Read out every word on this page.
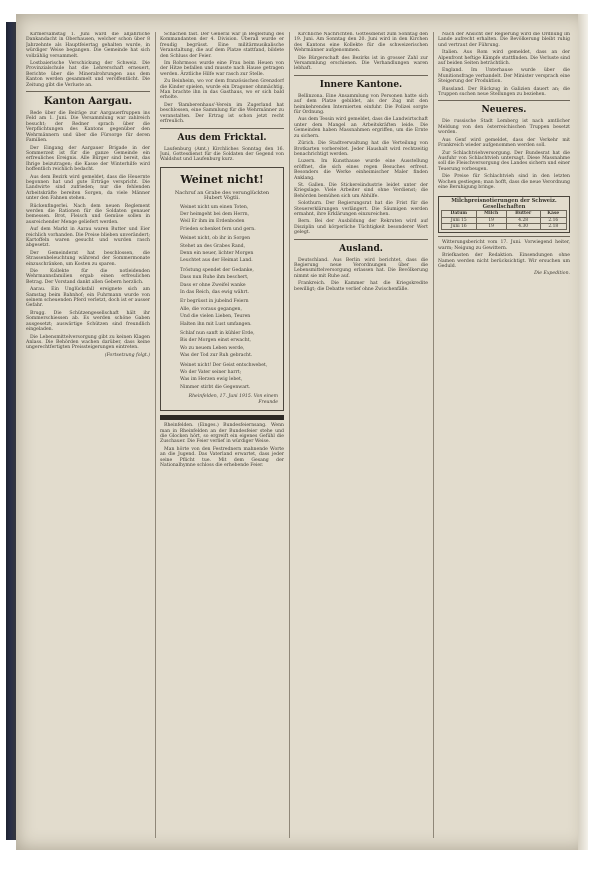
Kirmersamstag 1. Juni ward die alljährliche Dankandacht in Oberhausen, welcher schon über 8 Jahrzehnte als Hauptfeiertag gehalten wurde, in würdiger Weise begangen. Die Gemeinde hat sich vollzählig versammelt.

Lostbaierische Verschickung der Schweiz. Die Provinzialschule hat die Lehrerschaft erneuert, Berichte über die Mineralrohrungen aus dem Kanton werden gesammelt und veröffentlicht. Die Zeitung gibt die Verluste an.

Kanton Aargau.

Rede über die Beiräge zur Aargauerfruppen ins Feld am 1. Juni. Die Versammlung war zahlreich besucht; der Redner sprach über die Verpflichtungen des Kantons gegenüber den Wehrmännern und über die Fürsorge für deren Familien.

Der Eingang der Aargauer Brigade in der Sommerzeit ist für die ganze Gemeinde ein erfreuliches Ereignis. Alle Bürger sind bereit, das Ihrige beizutragen; die Kasse der Winterhilfe wird hoffentlich reichlich bedacht.

Aus dem Bezirk wird gemeldet, dass die Heuernte begonnen hat und gute Erträge verspricht. Die Landwirte sind zufrieden; nur die fehlenden Arbeitskräfte bereiten Sorgen, da viele Männer unter den Fahnen stehen.

Rückenfingerlei. Nach dem neuen Reglement werden die Rationen für die Soldaten genauer bemessen. Brot, Fleisch und Gemüse sollen in ausreichender Menge geliefert werden.

Auf dem Markt in Aarau waren Butter und Eier reichlich vorhanden. Die Preise blieben unverändert; Kartoffeln waren gesucht und wurden rasch abgesetzt.

Der Gemeinderat hat beschlossen, die Strassenbeleuchtung während der Sommermonate einzuschränken, um Kosten zu sparen.

Die Kollekte für die notleidenden Wehrmannsfamilien ergab einen erfreulichen Betrag. Der Vorstand dankt allen Gebern herzlich.

Aarau. Ein Unglücksfall ereignete sich am Samstag beim Bahnhof; ein Fuhrmann wurde von seinem scheuenden Pferd verletzt, doch ist er ausser Gefahr.

Brugg. Die Schützengesellschaft hält ihr Sommerschiessen ab. Es werden schöne Gaben ausgesetzt; auswärtige Schützen sind freundlich eingeladen.

Die Lebensmittelversorgung gibt zu keinen Klagen Anlass. Die Behörden wachen darüber, dass keine ungerechtfertigten Preissteigerungen eintreten.

(Fortsetzung folgt.)

Schachen fast. Der General war in Begleitung des Kommandanten der 4. Division. Überall wurde er freudig begrüsst. Eine militärmusikalische Veranstaltung, die auf dem Platze stattfand, bildete den Schluss der Feier.

Im Rohrmoos wurde eine Frau beim Heuen von der Hitze befallen und musste nach Hause getragen werden. Ärztliche Hilfe war rasch zur Stelle.

Zu Beinheim, wo vor dem französischen Grenzdorf die Kinder spielen, wurde ein Dragoner ohnmächtig. Man brachte ihn in das Gasthaus, wo er sich bald erholte.

Der 'Bamberenhaus'-Verein im Zugerland hat beschlossen, eine Sammlung für die Wehrmänner zu veranstalten. Der Ertrag ist schon jetzt recht erfreulich.

Aus dem Fricktal.

Laufenburg (Amt.) Kirchliches Sonntag den 16. Juni, Gottesdienst für die Soldaten der Gegend von Waldshut und Laufenburg kurz.

Weinet nicht!
Nachruf an Grabe des verunglückten Hubert Vögtli.

Weinet nicht um einen Toten,

Der heimgeht bei dem Herrn,

Weil Er ihm im Erdenboden

Frieden schenket fern und gern.

Weinet nicht, ob ihr in Sorgen

Stehet an des Grabes Rand,

Denn ein neuer, lichter Morgen

Leuchtet aus der Heimat Land.

Tröstung spendet der Gedanke,

Dass nun Ruhe ihm beschert,

Dass er ohne Zweifel wanke

In das Reich, das ewig währt.

Er begrüsst in jubelnd Feiern

Alle, die voraus gegangen,

Und die vielen Lieben, Teuren

Halten ihn mit Lust umfangen.

Schlaf nun sanft in kühler Erde,

Bis der Morgen einst erwacht,

Wo zu neuem Leben werde,

Was der Tod zur Ruh gebracht.

Weinet nicht! Der Geist entschwebet,

Wo der Vater seiner harrt;

Was im Herzen ewig lebet,

Nimmer stirbt die Gegenwart.

Rheinfelden, 17. Juni 1915. Von einem Freunde

Rheinfelden. (Einges.) Bundesfeiernsang. Wenn man in Rheinfelden an der Bundesfeier stehe und die Glocken hört, so ergreift ein eigenes Gefühl die Zuschauer. Die Feier verlief in würdiger Weise.

Man hörte von den Festrednern mahnende Worte an die Jugend. Das Vaterland erwartet, dass jeder seine Pflicht tue. Mit dem Gesang der Nationalhymne schloss die erhebende Feier.

Kirchliche Nachrichten. Gottesdienst zum Sonntag den 19. Juni. Am Sonntag den 20. Juni wird in den Kirchen des Kantons eine Kollekte für die schweizerischen Wehrmänner aufgenommen.

Die Bürgerschaft des Bezirks ist in grosser Zahl zur Versammlung erschienen. Die Verhandlungen waren lebhaft.

Innere Kantone.

Bellinzona. Eine Ansammlung von Personen hatte sich auf dem Platze gebildet, als der Zug mit den heimkehrenden Internierten einfuhr. Die Polizei sorgte für Ordnung.

Aus dem Tessin wird gemeldet, dass die Landwirtschaft unter dem Mangel an Arbeitskräften leide. Die Gemeinden haben Massnahmen ergriffen, um die Ernte zu sichern.

Zürich. Die Stadtverwaltung hat die Verteilung von Brotkarten vorbereitet. Jeder Haushalt wird rechtzeitig benachrichtigt werden.

Luzern. Im Kunsthause wurde eine Ausstellung eröffnet, die sich eines regen Besuches erfreut. Besonders die Werke einheimischer Maler finden Anklang.

St. Gallen. Die Stickereiindustrie leidet unter der Kriegslage. Viele Arbeiter sind ohne Verdienst; die Behörden bemühen sich um Abhilfe.

Solothurn. Der Regierungsrat hat die Frist für die Steuererklärungen verlängert. Die Säumigen werden ermahnt, ihre Erklärungen einzureichen.

Bern. Bei der Ausbildung der Rekruten wird auf Disziplin und körperliche Tüchtigkeit besonderer Wert gelegt.

Ausland.

Deutschland. Aus Berlin wird berichtet, dass die Regierung neue Verordnungen über die Lebensmittelversorgung erlassen hat. Die Bevölkerung nimmt sie mit Ruhe auf.

Frankreich. Die Kammer hat die Kriegskredite bewilligt; die Debatte verlief ohne Zwischenfälle.

Nach der Ansicht der Regierung wird die Ordnung im Lande aufrecht erhalten. Die Bevölkerung bleibt ruhig und vertraut der Führung.

Italien. Aus Rom wird gemeldet, dass an der Alpenfront heftige Kämpfe stattfinden. Die Verluste sind auf beiden Seiten beträchtlich.

England. Im Unterhause wurde über die Munitionsfrage verhandelt. Der Minister versprach eine Steigerung der Produktion.

Russland. Der Rückzug in Galizien dauert an; die Truppen suchen neue Stellungen zu beziehen.

Neueres.

Die russische Stadt Lemberg ist nach amtlicher Meldung von den österreichischen Truppen besetzt worden.

Aus Genf wird gemeldet, dass der Verkehr mit Frankreich wieder aufgenommen werden soll.

Zur Schlachtviehversorgung. Der Bundesrat hat die Ausfuhr von Schlachtvieh untersagt. Diese Massnahme soll die Fleischversorgung des Landes sichern und einer Teuerung vorbeugen.

Die Preise für Schlachtvieh sind in den letzten Wochen gestiegen; man hofft, dass die neue Verordnung eine Beruhigung bringe.

Milchpreisnotierungen der Schweiz. Gesellschaften
Datum	Milch	Butter	Käse
Juni 15	19	4.28	2.16
Juni 16	19	4.30	2.18

Witterungsbericht vom 17. Juni. Vorwiegend heiter, warm; Neigung zu Gewittern.

Briefkasten der Redaktion. Einsendungen ohne Namen werden nicht berücksichtigt. Wir ersuchen um Geduld.

Die Expedition.
